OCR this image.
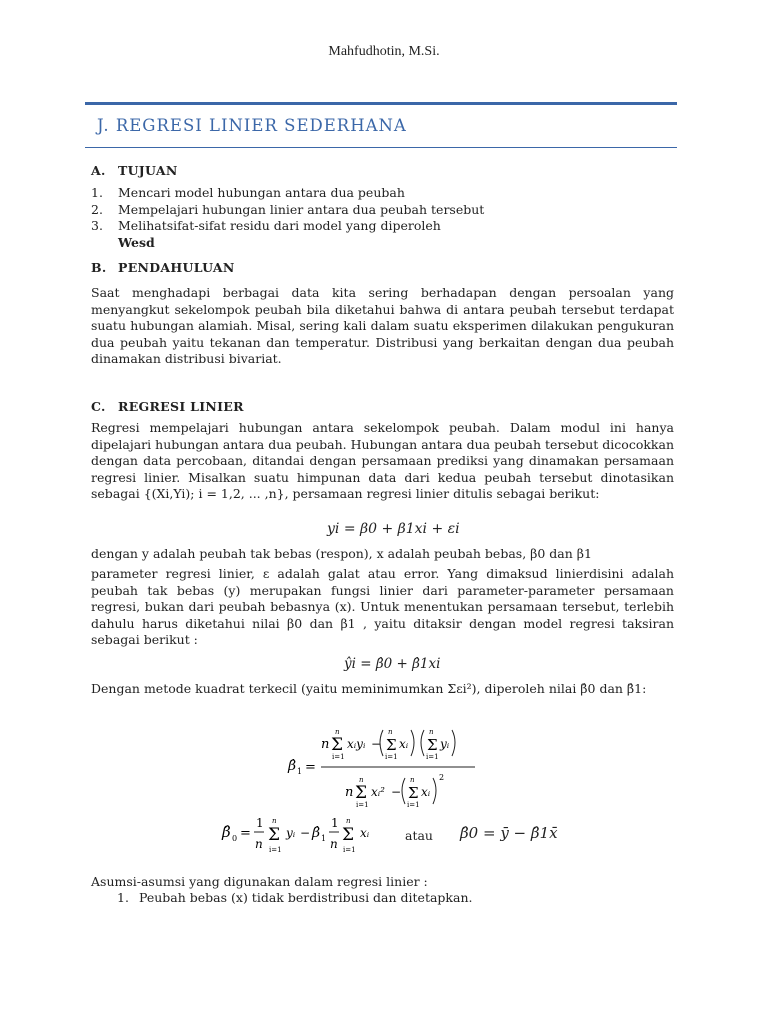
Mahfudhotin, M.Si.
J. REGRESI LINIER SEDERHANA
A. TUJUAN
1. Mencari model hubungan antara dua peubah
2. Mempelajari hubungan linier antara dua peubah tersebut
3. Melihatsifat-sifat residu dari model yang diperoleh
Wesd
B. PENDAHULUAN
Saat menghadapi berbagai data kita sering berhadapan dengan persoalan yang menyangkut sekelompok peubah bila diketahui bahwa di antara peubah tersebut terdapat suatu hubungan alamiah. Misal, sering kali dalam suatu eksperimen dilakukan pengukuran dua peubah yaitu tekanan dan temperatur. Distribusi yang berkaitan dengan dua peubah dinamakan distribusi bivariat.
C. REGRESI LINIER
Regresi mempelajari hubungan antara sekelompok peubah. Dalam modul ini hanya dipelajari hubungan antara dua peubah. Hubungan antara dua peubah tersebut dicocokkan dengan data percobaan, ditandai dengan persamaan prediksi yang dinamakan persamaan regresi linier. Misalkan suatu himpunan data dari kedua peubah tersebut dinotasikan sebagai {(Xi,Yi); i = 1,2, ... ,n}, persamaan regresi linier ditulis sebagai berikut:
yi = β0 + β1xi + εi
dengan y adalah peubah tak bebas (respon), x adalah peubah bebas, β0 dan β1
parameter regresi linier, ε adalah galat atau error. Yang dimaksud linierdisini adalah peubah tak bebas (y) merupakan fungsi linier dari parameter-parameter persamaan regresi, bukan dari peubah bebasnya (x). Untuk menentukan persamaan tersebut, terlebih dahulu harus diketahui nilai β0 dan β1 , yaitu ditaksir dengan model regresi taksiran sebagai berikut :
ŷi = β̂0 + β̂1xi
Dengan metode kuadrat terkecil (yaitu meminimumkan Σεi²), diperoleh nilai β̂0 dan β̂1:
β̂ 1 =
n Σ
n
i=1
xᵢyᵢ − Σ
n
i=1
xᵢ Σ
n
i=1
yᵢ
n Σ
n
i=1
xᵢ² − Σ
n
i=1
xᵢ
2
β̂ 0 =
1
n Σ
n
i=1
yᵢ − β̂ 1
1
n Σ
n
i=1
xᵢ	atau β̂0 = ȳ − β̂1x̄
Asumsi-asumsi yang digunakan dalam regresi linier :
1. Peubah bebas (x) tidak berdistribusi dan ditetapkan.
